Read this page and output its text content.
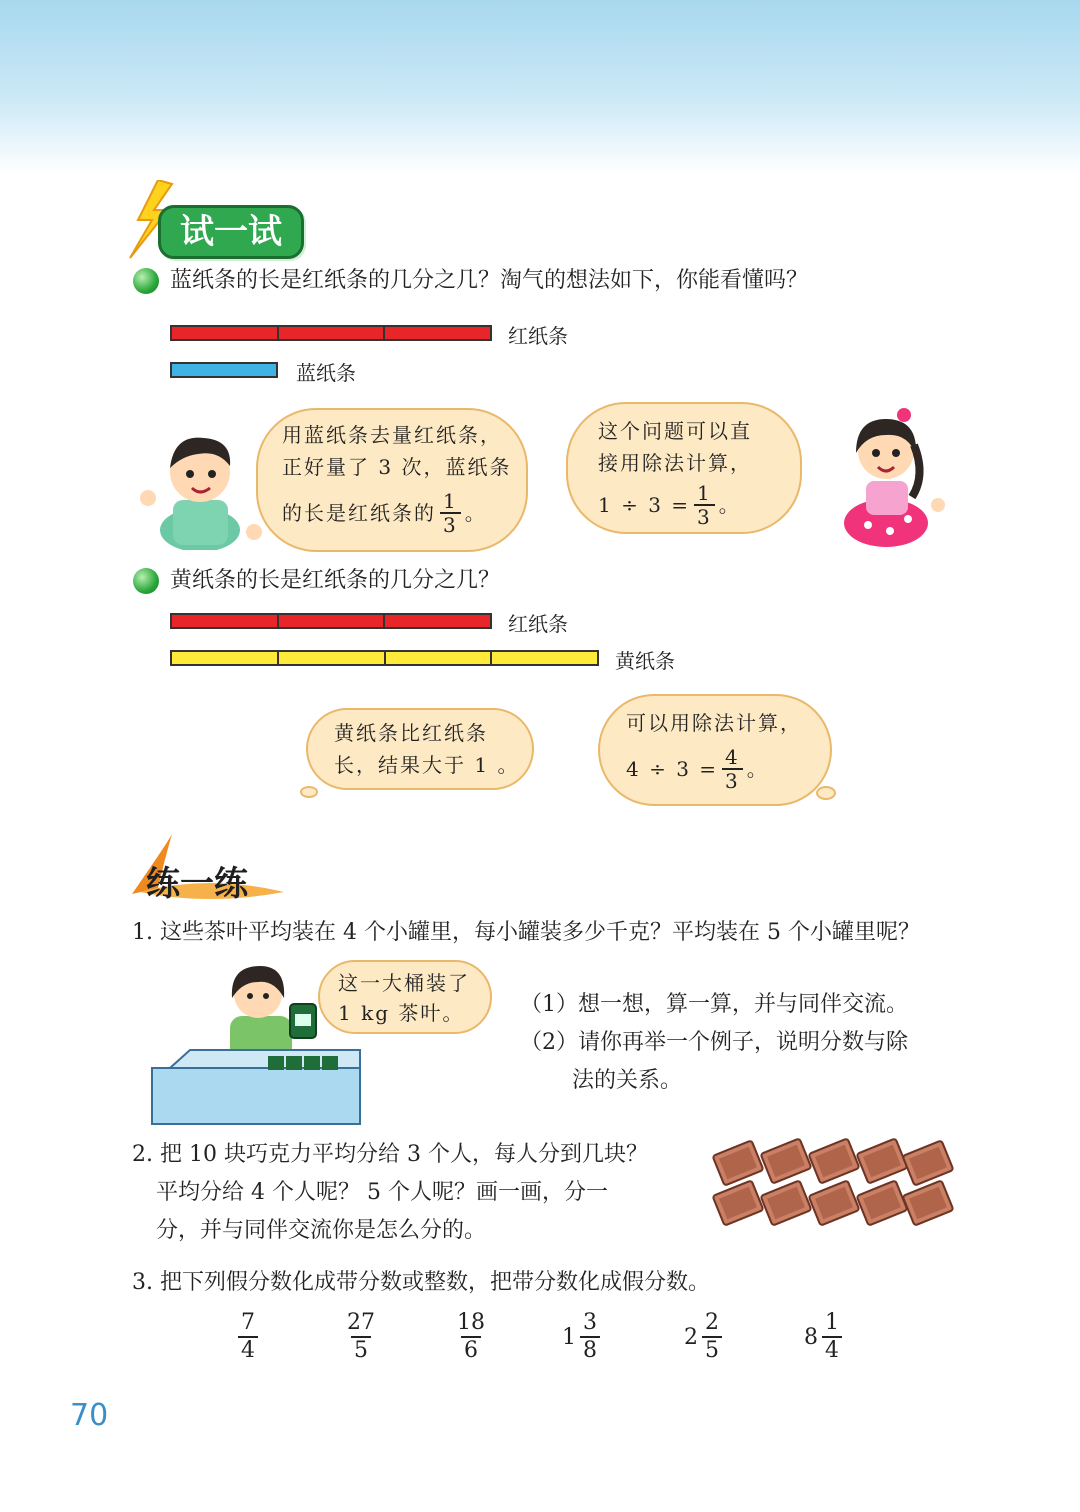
试一试
蓝纸条的长是红纸条的几分之几？淘气的想法如下，你能看懂吗？
红纸条
蓝纸条
用蓝纸条去量红纸条，
正好量了 3 次，蓝纸条
的长是红纸条的 $\frac{1}{3}$ 。
这个问题可以直
接用除法计算，
$1 \div 3 = \frac{1}{3}$ 。
黄纸条的长是红纸条的几分之几？
红纸条
黄纸条
黄纸条比红纸条
长，结果大于 1 。
可以用除法计算，
$4 \div 3 = \frac{4}{3}$ 。
练一练
1. 这些茶叶平均装在 4 个小罐里，每小罐装多少千克？平均装在 5 个小罐里呢？
这一大桶装了
1 kg 茶叶。	（1）想一想，算一算，并与同伴交流。
（2）请你再举一个例子，说明分数与除
法的关系。
2. 把 10 块巧克力平均分给 3 个人，每人分到几块？
平均分给 4 个人呢？ 5 个人呢？画一画，分一
分，并与同伴交流你是怎么分的。
3. 把下列假分数化成带分数或整数，把带分数化成假分数。
$\frac{7}{4}$	$\frac{27}{5}$	$\frac{18}{6}$	$1 \frac{3}{8}$	$2 \frac{2}{5}$	$8 \frac{1}{4}$
70
